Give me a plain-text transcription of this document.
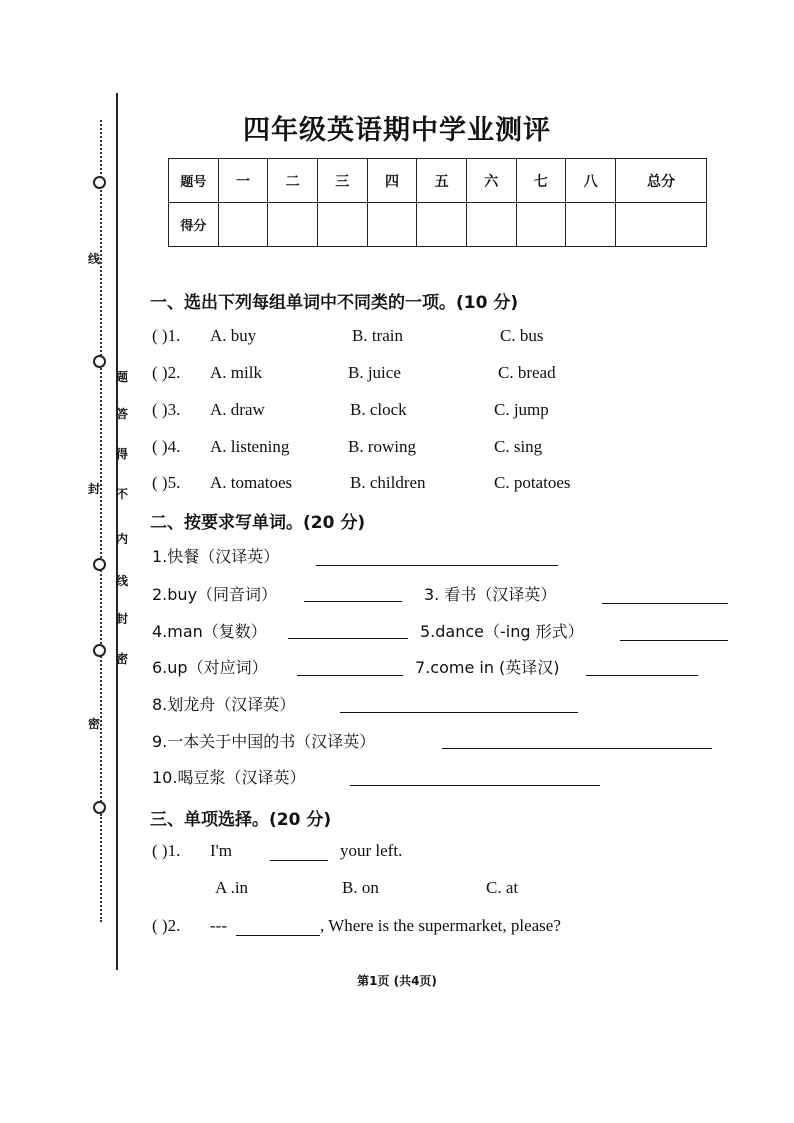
线
题
答
得
不
内
线
封
密
封
密
四年级英语期中学业测评
题号	一	二	三	四	五	六	七	八	总分
得分									
一、选出下列每组单词中不同类的一项。(10 分)
( )1. A. buy	B. train	C. bus
( )2. A. milk	B. juice	C. bread
( )3. A. draw	B. clock	C. jump
( )4. A. listening	B. rowing	C. sing
( )5. A. tomatoes	B. children	C. potatoes
二、按要求写单词。(20 分)
1.快餐（汉译英）
2.buy（同音词）	3. 看书（汉译英）
4.man（复数）	5.dance（-ing 形式）
6.up（对应词）	7.come in (英译汉)
8.划龙舟（汉译英）
9.一本关于中国的书（汉译英）
10.喝豆浆（汉译英）
三、单项选择。(20 分)
( )1. I'm	your left.
A .in	B. on	C. at
( )2. ---	, Where is the supermarket, please?
第1页 (共4页)
